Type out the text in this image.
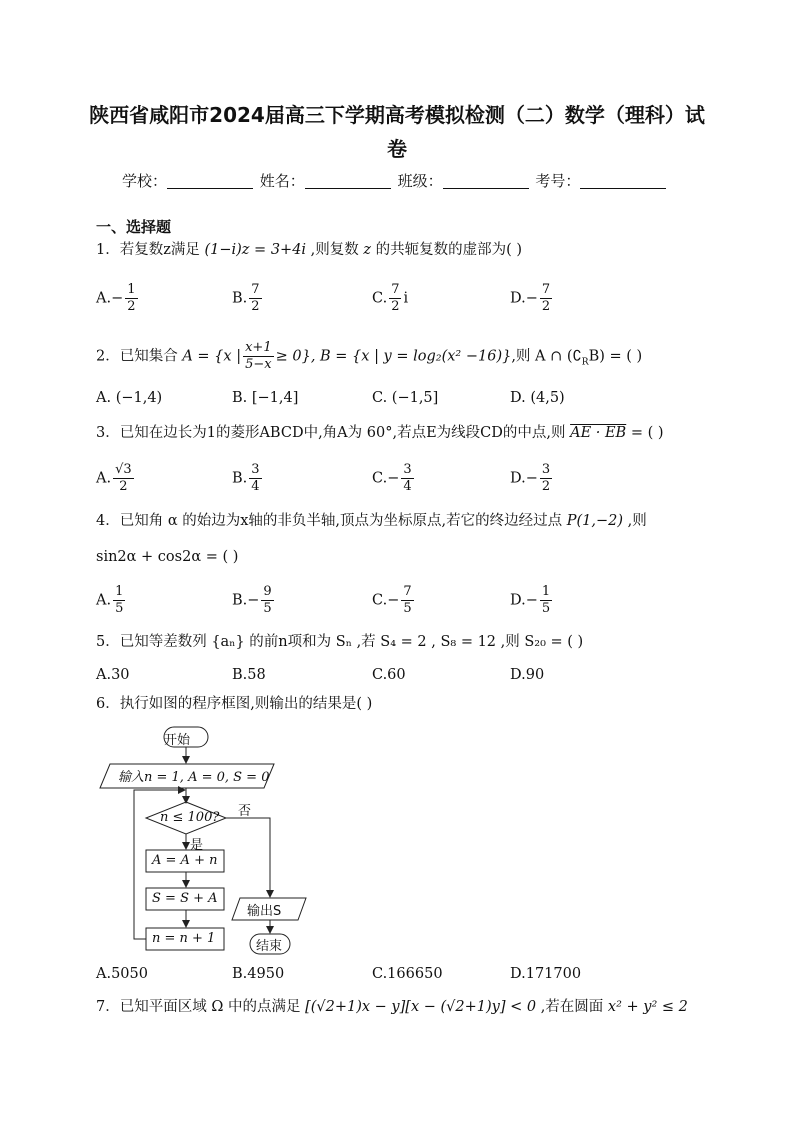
陕西省咸阳市2024届高三下学期高考模拟检测（二）数学（理科）试
卷
学校：	姓名：	班级：	考号：
一、选择题
1．若复数z满足 (1−i)z = 3+4i ,则复数 z 的共轭复数的虚部为( )
$A.- \frac{1}{2}$	B. $\frac{7}{2}$	C. $\frac{7}{2}$ i	$D.- \frac{7}{2}$
2．已知集合 A = {x | $\frac{x+1}{5-x} \ge 0$}, B = {x | y = log₂(x² −16)},则 A ∩ $(∁_RB)$ = ( )
A. (−1,4)	B. [−1,4]	C. (−1,5]	D. (4,5)
3．已知在边长为1的菱形ABCD中,角A为 60°,若点E为线段CD的中点,则 AE · EB = ( )
A. $\frac{√3}{2}$	B. $\frac{3}{4}$	$C.- \frac{3}{4}$	$D.- \frac{3}{2}$
4．已知角 α 的始边为x轴的非负半轴,顶点为坐标原点,若它的终边经过点 P(1,−2) ,则
sin2α + cos2α = ( )
A. $\frac{1}{5}$	$B.- \frac{9}{5}$	$C.- \frac{7}{5}$	$D.- \frac{1}{5}$
5．已知等差数列 {aₙ} 的前n项和为 Sₙ ,若 S₄ = 2 , S₈ = 12 ,则 S₂₀ = ( )
A.30	B.58	C.60	D.90
6．执行如图的程序框图,则输出的结果是( )
开始
输入n = 1, A = 0, S = 0
n ≤ 100? 否
是
A = A + n
S = S + A
n = n + 1
输出S
结束
A.5050	B.4950	C.166650	D.171700
7．已知平面区域 Ω 中的点满足 [(√2+1)x − y][x − (√2+1)y] < 0 ,若在圆面 x² + y² ≤ 2
